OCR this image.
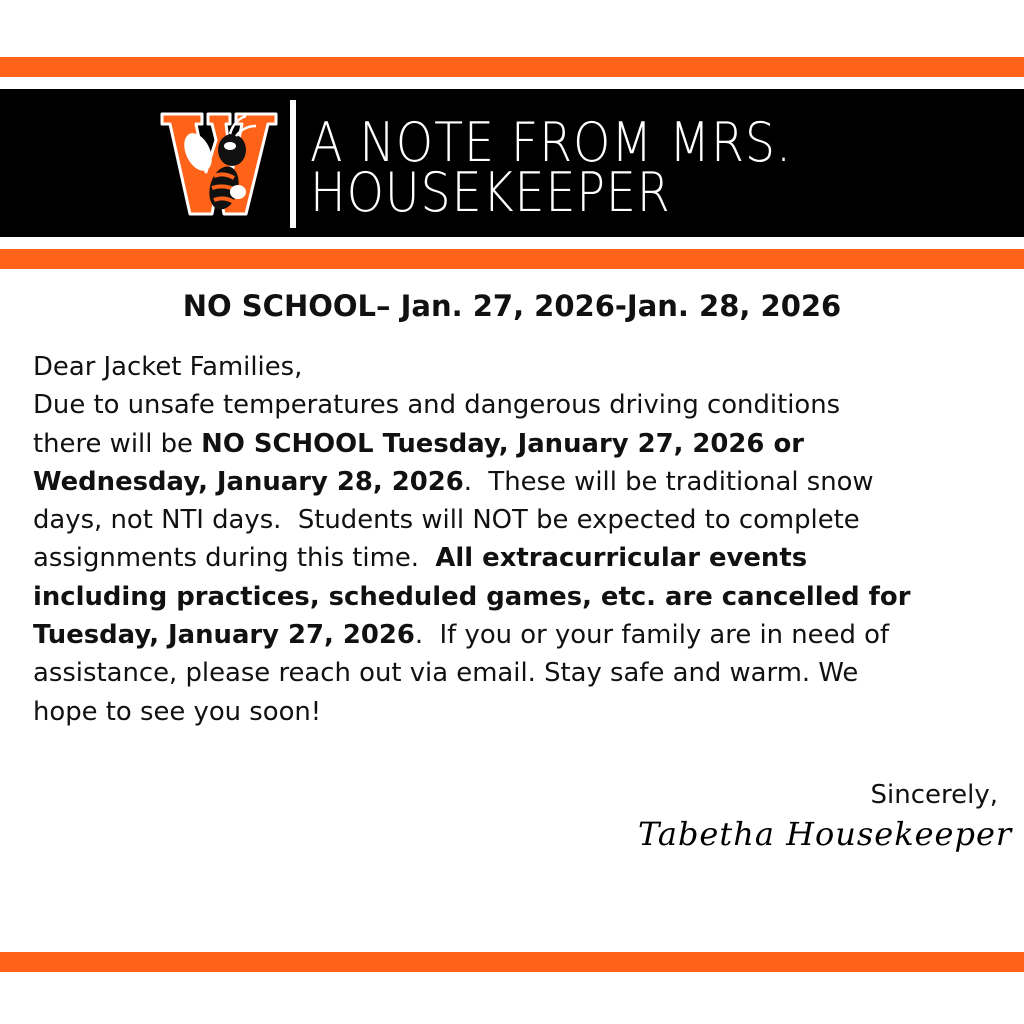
A NOTE FROM MRS.
HOUSEKEEPER
NO SCHOOL– Jan. 27, 2026-Jan. 28, 2026
Dear Jacket Families,
Due to unsafe temperatures and dangerous driving conditions
there will be NO SCHOOL Tuesday, January 27, 2026 or
Wednesday, January 28, 2026.  These will be traditional snow
days, not NTI days.  Students will NOT be expected to complete
assignments during this time.  All extracurricular events
including practices, scheduled games, etc. are cancelled for
Tuesday, January 27, 2026.  If you or your family are in need of
assistance, please reach out via email. Stay safe and warm. We
hope to see you soon!
Sincerely,
Tabetha Housekeeper
